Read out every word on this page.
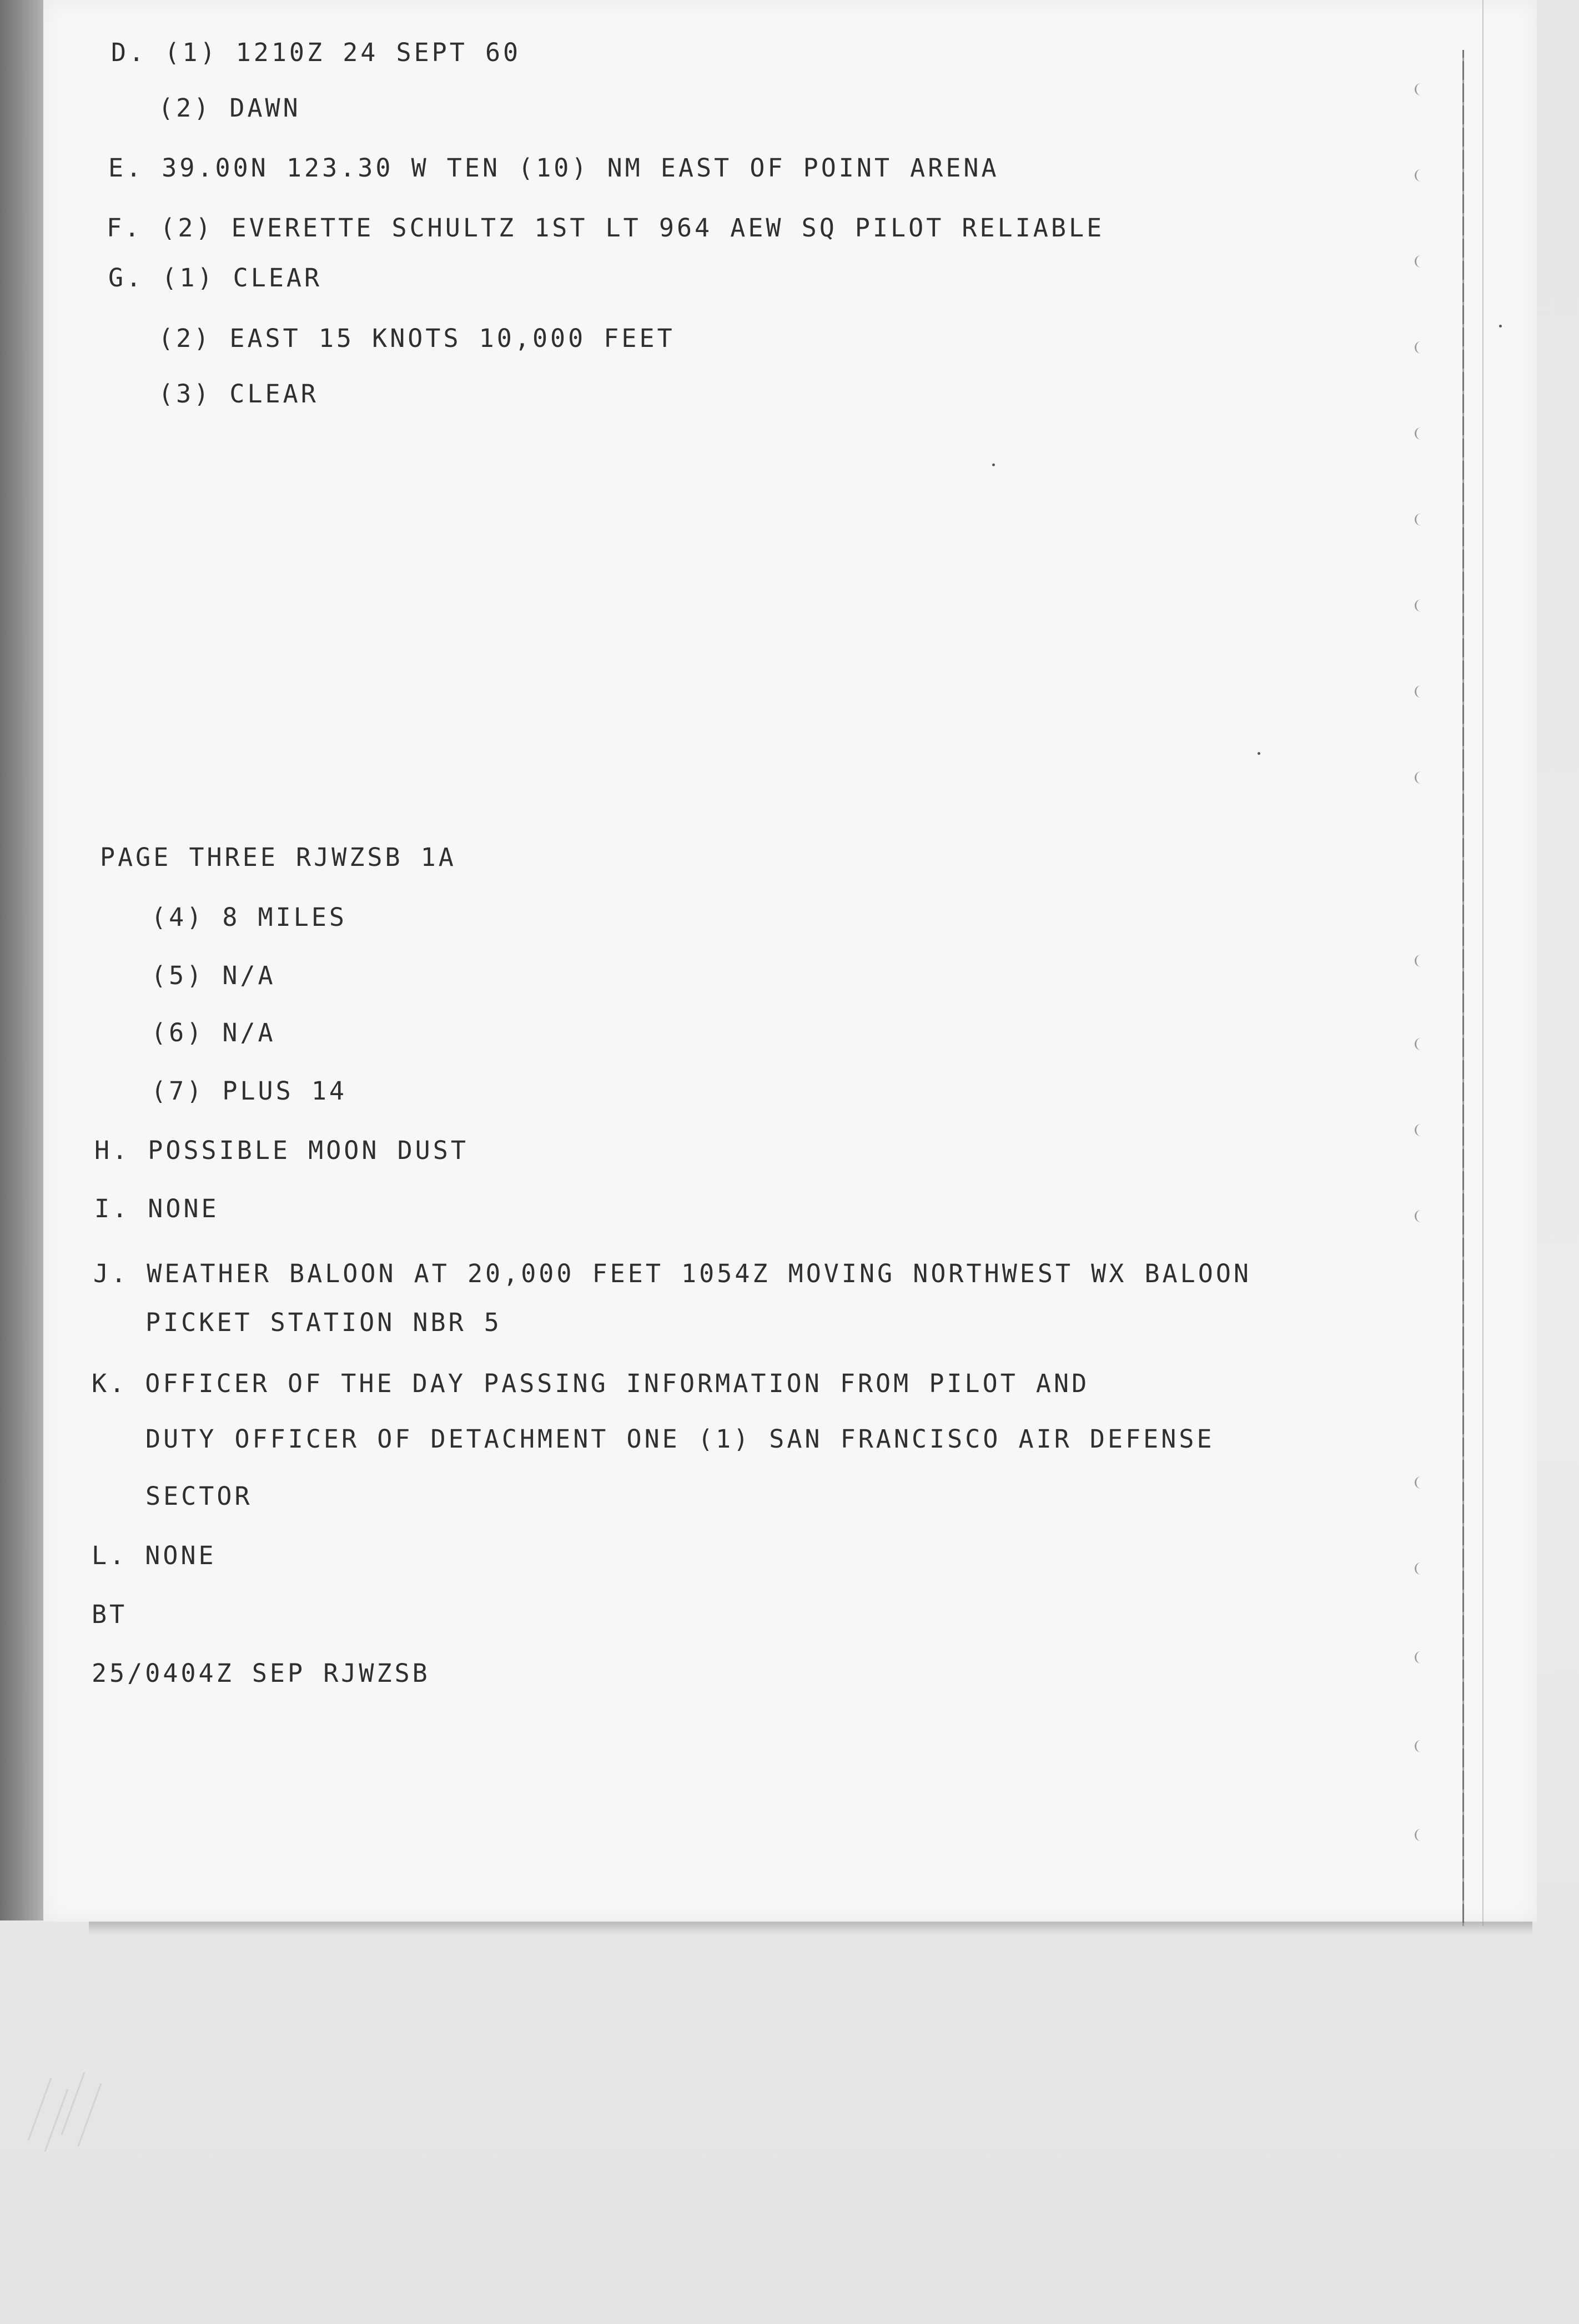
D. (1) 1210Z 24 SEPT 60
(2) DAWN
E. 39.00N 123.30 W TEN (10) NM EAST OF POINT ARENA
F. (2) EVERETTE SCHULTZ 1ST LT 964 AEW SQ PILOT RELIABLE
G. (1) CLEAR
(2) EAST 15 KNOTS 10,000 FEET
(3) CLEAR
PAGE THREE RJWZSB 1A
(4) 8 MILES
(5) N/A
(6) N/A
(7) PLUS 14
H. POSSIBLE MOON DUST
I. NONE
J. WEATHER BALOON AT 20,000 FEET 1054Z MOVING NORTHWEST WX BALOON
PICKET STATION NBR 5
K. OFFICER OF THE DAY PASSING INFORMATION FROM PILOT AND
DUTY OFFICER OF DETACHMENT ONE (1) SAN FRANCISCO AIR DEFENSE
SECTOR
L. NONE
BT
25/0404Z SEP RJWZSB
